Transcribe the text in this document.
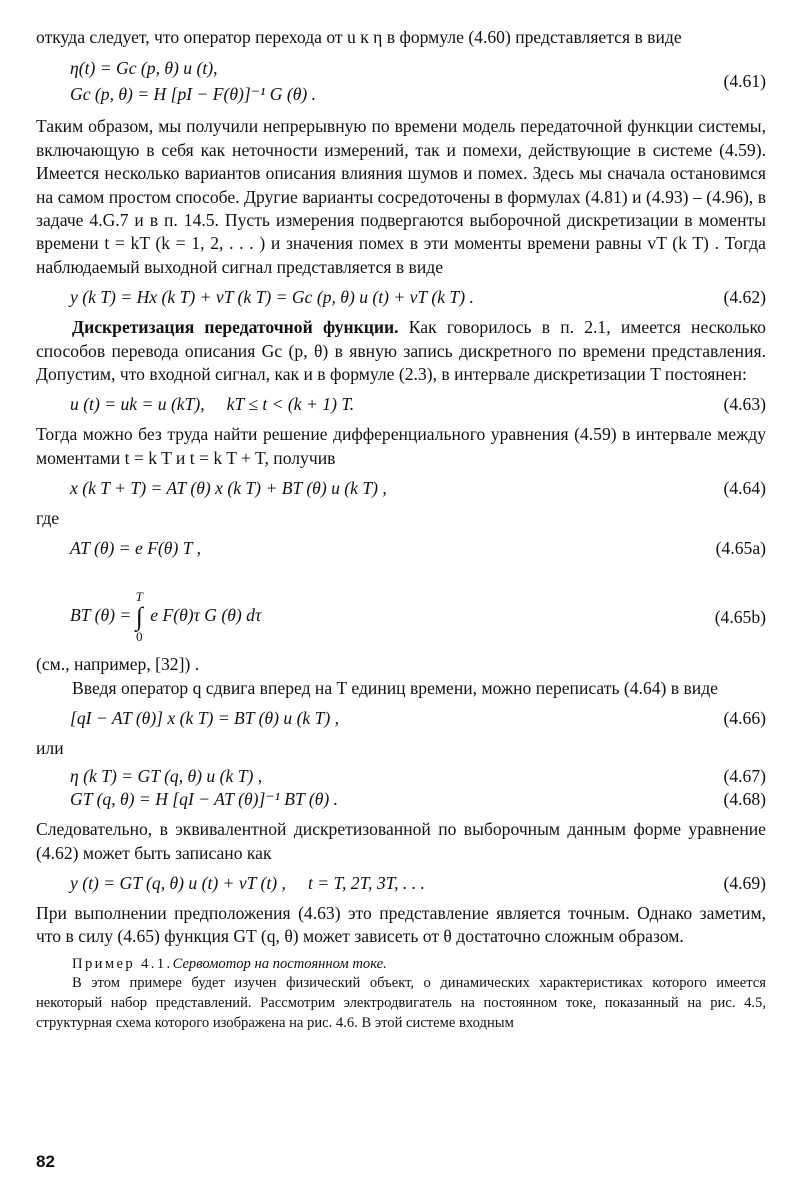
откуда следует, что оператор перехода от u к η в формуле (4.60) представляется в виде

η(t) = Gc (p, θ) u (t),
Gc (p, θ) = H [pI − F(θ)]⁻¹ G (θ) .
(4.61)

Таким образом, мы получили непрерывную по времени модель передаточной функции системы, включающую в себя как неточности измерений, так и помехи, действующие в системе (4.59). Имеется несколько вариантов описания влияния шумов и помех. Здесь мы сначала остановимся на самом простом способе. Другие варианты сосредоточены в формулах (4.81) и (4.93) – (4.96), в задаче 4.G.7 и в п. 14.5. Пусть измерения подвергаются выборочной дискретизации в моменты времени t = kT (k = 1, 2, . . . ) и значения помех в эти моменты времени равны vT (k T) . Тогда наблюдаемый выходной сигнал представляется в виде

y (k T) = Hx (k T) + vT (k T) = Gc (p, θ) u (t) + vT (k T) .	(4.62)

Дискретизация передаточной функции. Как говорилось в п. 2.1, имеется несколько способов перевода описания Gc (p, θ) в явную запись дискретного по времени представления. Допустим, что входной сигнал, как и в формуле (2.3), в интервале дискретизации T постоянен:

u (t) = uk = u (kT),     kT ≤ t < (k + 1) T.	(4.63)

Тогда можно без труда найти решение дифференциального уравнения (4.59) в интервале между моментами t = k T и t = k T + T, получив

x (k T + T) = AT (θ) x (k T) + BT (θ) u (k T) ,	(4.64)
где
AT (θ) = e F(θ) T ,	(4.65a)
BT (θ) =
T
∫
0
e F(θ)τ G (θ) dτ	(4.65b)

(см., например, [32]) .

Введя оператор q сдвига вперед на T единиц времени, можно переписать (4.64) в виде

[qI − AT (θ)] x (k T) = BT (θ) u (k T) ,	(4.66)
или
η (k T) = GT (q, θ) u (k T) ,	(4.67)
GT (q, θ) = H [qI − AT (θ)]⁻¹ BT (θ) .	(4.68)

Следовательно, в эквивалентной дискретизованной по выборочным данным форме уравнение (4.62) может быть записано как

y (t) = GT (q, θ) u (t) + vT (t) ,     t = T, 2T, 3T, . . .	(4.69)

При выполнении предположения (4.63) это представление является точным. Однако заметим, что в силу (4.65) функция GT (q, θ) может зависеть от θ достаточно сложным образом.

Пример 4.1.Сервомотор на постоянном токе.

В этом примере будет изучен физический объект, о динамических характеристиках которого имеется некоторый набор представлений. Рассмотрим электродвигатель на постоянном токе, показанный на рис. 4.5, структурная схема которого изображена на рис. 4.6. В этой системе входным

82
